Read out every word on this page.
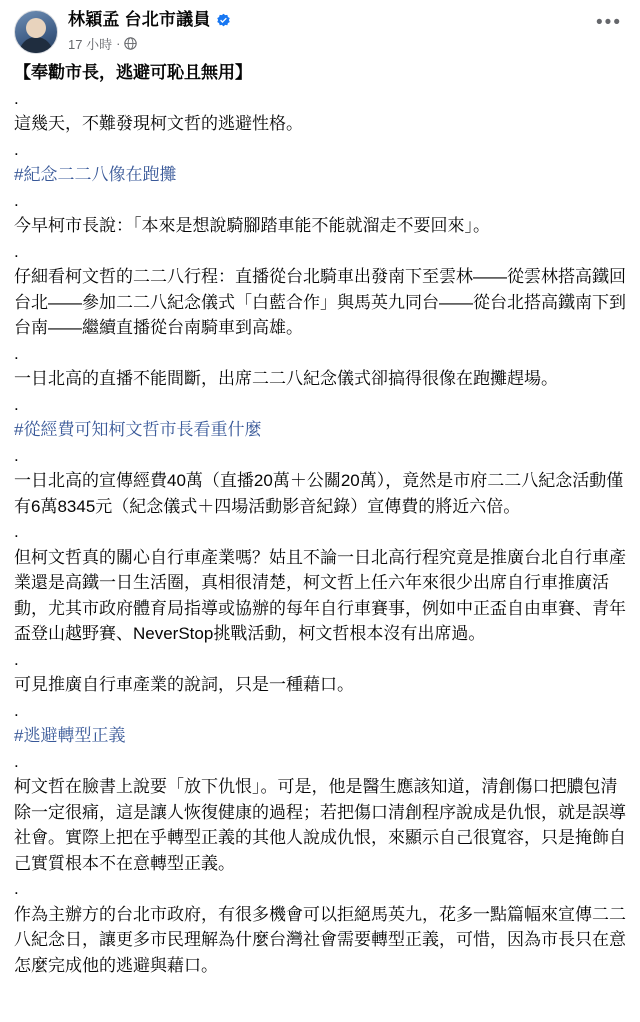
林穎孟 台北市議員
17 小時 ·
•••

【奉勸市長，逃避可恥且無用】

.

這幾天，不難發現柯文哲的逃避性格。

.

#紀念二二八像在跑攤

.

今早柯市長說：「本來是想說騎腳踏車能不能就溜走不要回來」。

.

仔細看柯文哲的二二八行程：直播從台北騎車出發南下至雲林——從雲林搭高鐵回台北——參加二二八紀念儀式「白藍合作」與馬英九同台——從台北搭高鐵南下到台南——繼續直播從台南騎車到高雄。

.

一日北高的直播不能間斷，出席二二八紀念儀式卻搞得很像在跑攤趕場。

.

#從經費可知柯文哲市長看重什麼

.

一日北高的宣傳經費40萬（直播20萬＋公關20萬），竟然是市府二二八紀念活動僅有6萬8345元（紀念儀式＋四場活動影音紀錄）宣傳費的將近六倍。

.

但柯文哲真的關心自行車產業嗎？姑且不論一日北高行程究竟是推廣台北自行車產業還是高鐵一日生活圈，真相很清楚，柯文哲上任六年來很少出席自行車推廣活動，尤其市政府體育局指導或協辦的每年自行車賽事，例如中正盃自由車賽、青年盃登山越野賽、NeverStop挑戰活動，柯文哲根本沒有出席過。

.

可見推廣自行車產業的說詞，只是一種藉口。

.

#逃避轉型正義

.

柯文哲在臉書上說要「放下仇恨」。可是，他是醫生應該知道，清創傷口把膿包清除一定很痛，這是讓人恢復健康的過程；若把傷口清創程序說成是仇恨，就是誤導社會。實際上把在乎轉型正義的其他人說成仇恨，來顯示自己很寬容，只是掩飾自己實質根本不在意轉型正義。

.

作為主辦方的台北市政府，有很多機會可以拒絕馬英九，花多一點篇幅來宣傳二二八紀念日，讓更多市民理解為什麼台灣社會需要轉型正義，可惜，因為市長只在意怎麼完成他的逃避與藉口。
